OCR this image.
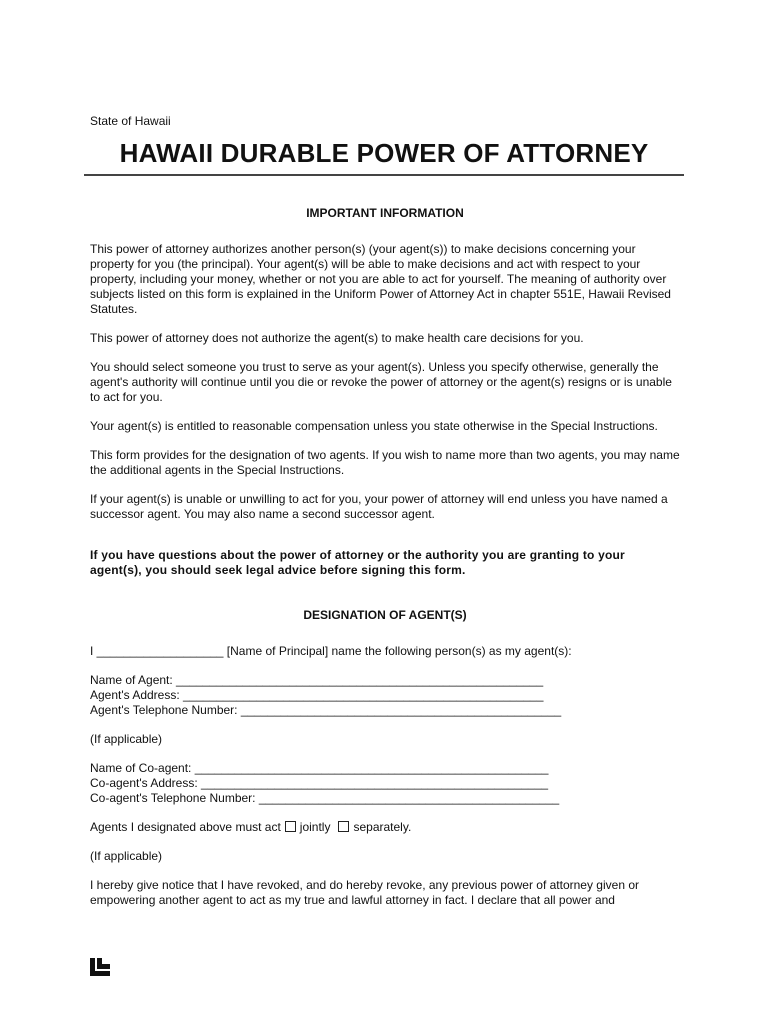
State of Hawaii
HAWAII DURABLE POWER OF ATTORNEY
IMPORTANT INFORMATION

This power of attorney authorizes another person(s) (your agent(s)) to make decisions concerning your property for you (the principal). Your agent(s) will be able to make decisions and act with respect to your property, including your money, whether or not you are able to act for yourself. The meaning of authority over subjects listed on this form is explained in the Uniform Power of Attorney Act in chapter 551E, Hawaii Revised Statutes.

This power of attorney does not authorize the agent(s) to make health care decisions for you.

You should select someone you trust to serve as your agent(s). Unless you specify otherwise, generally the agent's authority will continue until you die or revoke the power of attorney or the agent(s) resigns or is unable to act for you.

Your agent(s) is entitled to reasonable compensation unless you state otherwise in the Special Instructions.

This form provides for the designation of two agents. If you wish to name more than two agents, you may name the additional agents in the Special Instructions.

If your agent(s) is unable or unwilling to act for you, your power of attorney will end unless you have named a successor agent. You may also name a second successor agent.

If you have questions about the power of attorney or the authority you are granting to your agent(s), you should seek legal advice before signing this form.

DESIGNATION OF AGENT(S)

I ___________________ [Name of Principal] name the following person(s) as my agent(s):

Name of Agent: _______________________________________________________

Agent's Address: ______________________________________________________

Agent's Telephone Number: ________________________________________________

(If applicable)

Name of Co-agent: _____________________________________________________

Co-agent's Address: ____________________________________________________

Co-agent's Telephone Number: _____________________________________________

Agents I designated above must act jointly separately.

(If applicable)

I hereby give notice that I have revoked, and do hereby revoke, any previous power of attorney given or empowering another agent to act as my true and lawful attorney in fact. I declare that all power and
